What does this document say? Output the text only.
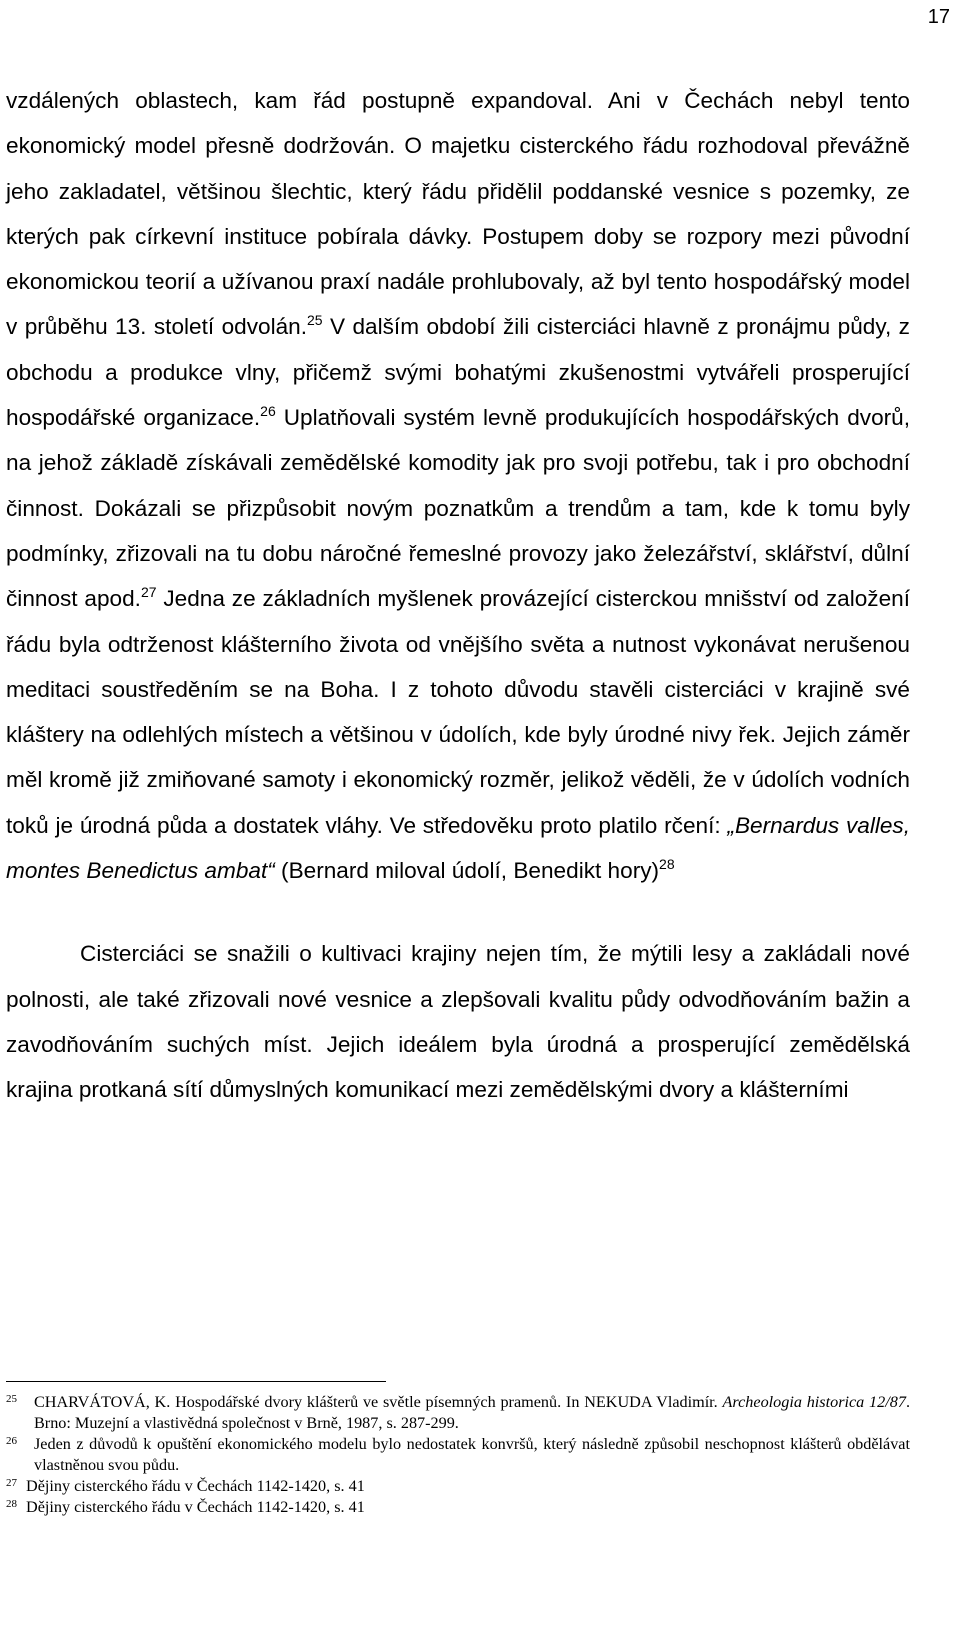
17

vzdálených oblastech, kam řád postupně expandoval. Ani v Čechách nebyl tento ekonomický model přesně dodržován. O majetku cisterckého řádu rozhodoval převážně jeho zakladatel, většinou šlechtic, který řádu přidělil poddanské vesnice s pozemky, ze kterých pak církevní instituce pobírala dávky. Postupem doby se rozpory mezi původní ekonomickou teorií a užívanou praxí nadále prohlubovaly, až byl tento hospodářský model v průběhu 13. století odvolán.$^{25}$ V dalším období žili cisterciáci hlavně z pronájmu půdy, z obchodu a produkce vlny, přičemž svými bohatými zkušenostmi vytvářeli prosperující hospodářské organizace.$^{26}$ Uplatňovali systém levně produkujících hospodářských dvorů, na jehož základě získávali zemědělské komodity jak pro svoji potřebu, tak i pro obchodní činnost. Dokázali se přizpůsobit novým poznatkům a trendům a tam, kde k tomu byly podmínky, zřizovali na tu dobu náročné řemeslné provozy jako železářství, sklářství, důlní činnost apod.$^{27}$ Jedna ze základních myšlenek provázející cisterckou mnišství od založení řádu byla odtrženost klášterního života od vnějšího světa a nutnost vykonávat nerušenou meditaci soustředěním se na Boha. I z tohoto důvodu stavěli cisterciáci v krajině své kláštery na odlehlých místech a většinou v údolích, kde byly úrodné nivy řek. Jejich záměr měl kromě již zmiňované samoty i ekonomický rozměr, jelikož věděli, že v údolích vodních toků je úrodná půda a dostatek vláhy. Ve středověku proto platilo rčení: „Bernardus valles, montes Benedictus ambat“ (Bernard miloval údolí, Benedikt hory)$^{28}$

Cisterciáci se snažili o kultivaci krajiny nejen tím, že mýtili lesy a zakládali nové polnosti, ale také zřizovali nové vesnice a zlepšovali kvalitu půdy odvodňováním bažin a zavodňováním suchých míst. Jejich ideálem byla úrodná a prosperující zemědělská krajina protkaná sítí důmyslných komunikací mezi zemědělskými dvory a klášterními

25	CHARVÁTOVÁ, K. Hospodářské dvory klášterů ve světle písemných pramenů. In NEKUDA Vladimír. Archeologia historica 12/87. Brno: Muzejní a vlastivědná společnost v Brně, 1987, s. 287-299.
26	Jeden z důvodů k opuštění ekonomického modelu bylo nedostatek konvršů, který následně způsobil neschopnost klášterů obdělávat vlastněnou svou půdu.
27 Dějiny cisterckého řádu v Čechách 1142-1420, s. 41
28 Dějiny cisterckého řádu v Čechách 1142-1420, s. 41
